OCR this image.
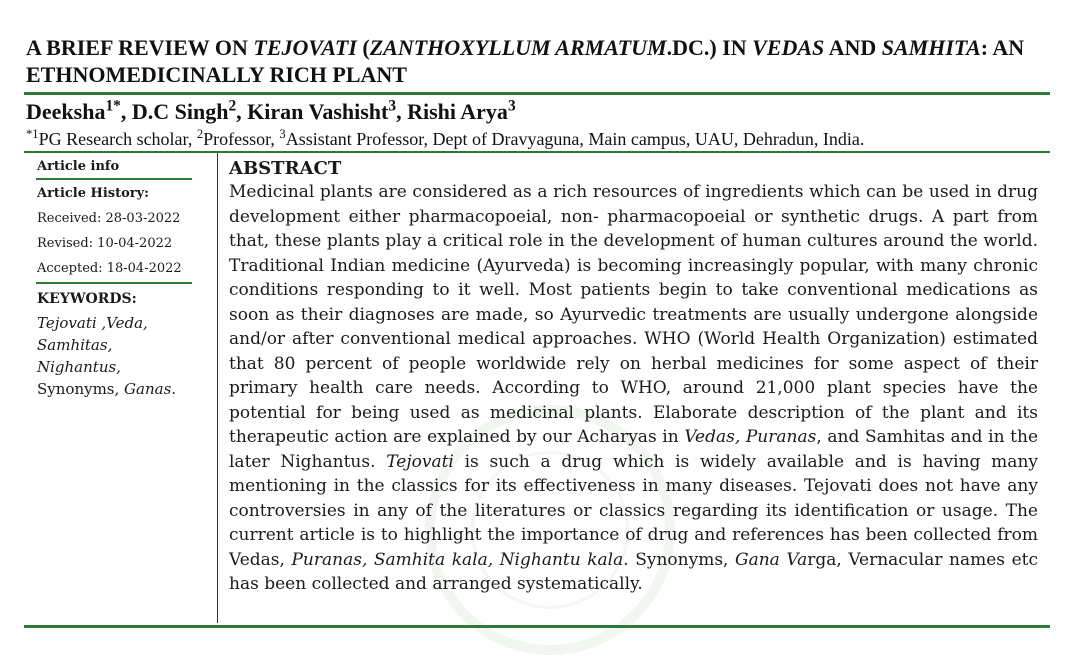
A BRIEF REVIEW ON TEJOVATI (ZANTHOXYLLUM ARMATUM.DC.) IN VEDAS AND SAMHITA: AN ETHNOMEDICINALLY RICH PLANT
Deeksha$^{1*}$, D.C Singh$^2$, Kiran Vashisht$^3$, Rishi Arya$^3$
$^{*1}$PG Research scholar, $^2$Professor, $^3$Assistant Professor, Dept of Dravyaguna, Main campus, UAU, Dehradun, India.
Article info
Article History:
Received: 28-03-2022
Revised: 10-04-2022
Accepted: 18-04-2022
KEYWORDS:
Tejovati ,Veda,
Samhitas,
Nighantus,
Synonyms, Ganas.
ABSTRACT

Medicinal plants are considered as a rich resources of ingredients which can be used in drug development either pharmacopoeial, non- pharmacopoeial or synthetic drugs. A part from that, these plants play a critical role in the development of human cultures around the world. Traditional Indian medicine (Ayurveda) is becoming increasingly popular, with many chronic conditions responding to it well. Most patients begin to take conventional medications as soon as their diagnoses are made, so Ayurvedic treatments are usually undergone alongside and/or after conventional medical approaches. WHO (World Health Organization) estimated that 80 percent of people worldwide rely on herbal medicines for some aspect of their primary health care needs. According to WHO, around 21,000 plant species have the potential for being used as medicinal plants. Elaborate description of the plant and its therapeutic action are explained by our Acharyas in Vedas, Puranas, and Samhitas and in the later Nighantus. Tejovati is such a drug which is widely available and is having many mentioning in the classics for its effectiveness in many diseases. Tejovati does not have any controversies in any of the literatures or classics regarding its identification or usage. The current article is to highlight the importance of drug and references has been collected from Vedas, Puranas, Samhita kala, Nighantu kala. Synonyms, Gana Varga, Vernacular names etc has been collected and arranged systematically.
